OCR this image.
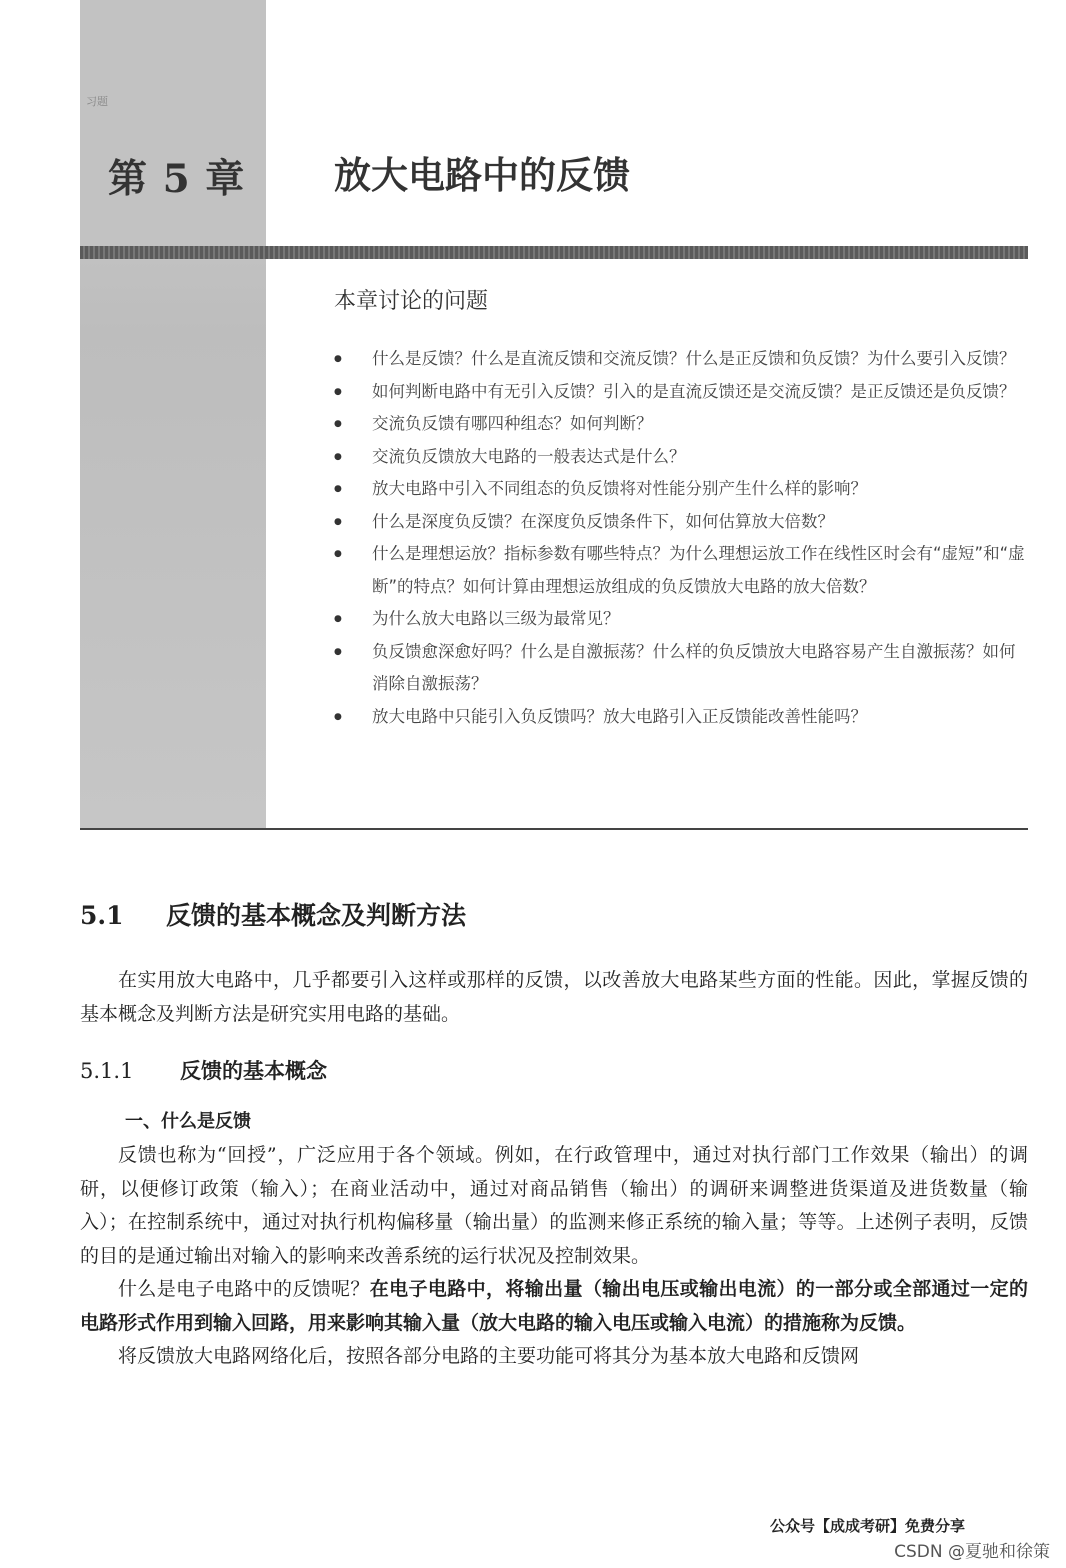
习题
第 5 章 放大电路中的反馈
本章讨论的问题
● 什么是反馈？什么是直流反馈和交流反馈？什么是正反馈和负反馈？为什么要引入反馈？
● 如何判断电路中有无引入反馈？引入的是直流反馈还是交流反馈？是正反馈还是负反馈？
● 交流负反馈有哪四种组态？如何判断？
● 交流负反馈放大电路的一般表达式是什么？
● 放大电路中引入不同组态的负反馈将对性能分别产生什么样的影响？
● 什么是深度负反馈？在深度负反馈条件下，如何估算放大倍数？
● 什么是理想运放？指标参数有哪些特点？为什么理想运放工作在线性区时会有“虚短”和“虚断”的特点？如何计算由理想运放组成的负反馈放大电路的放大倍数？
● 为什么放大电路以三级为最常见？
● 负反馈愈深愈好吗？什么是自激振荡？什么样的负反馈放大电路容易产生自激振荡？如何消除自激振荡？
● 放大电路中只能引入负反馈吗？放大电路引入正反馈能改善性能吗？
5.1 反馈的基本概念及判断方法

在实用放大电路中，几乎都要引入这样或那样的反馈，以改善放大电路某些方面的性能。因此，掌握反馈的基本概念及判断方法是研究实用电路的基础。

5.1.1 反馈的基本概念
一、什么是反馈

反馈也称为“回授”，广泛应用于各个领域。例如，在行政管理中，通过对执行部门工作效果（输出）的调研，以便修订政策（输入）；在商业活动中，通过对商品销售（输出）的调研来调整进货渠道及进货数量（输入）；在控制系统中，通过对执行机构偏移量（输出量）的监测来修正系统的输入量；等等。上述例子表明，反馈的目的是通过输出对输入的影响来改善系统的运行状况及控制效果。

什么是电子电路中的反馈呢？在电子电路中，将输出量（输出电压或输出电流）的一部分或全部通过一定的电路形式作用到输入回路，用来影响其输入量（放大电路的输入电压或输入电流）的措施称为反馈。

将反馈放大电路网络化后，按照各部分电路的主要功能可将其分为基本放大电路和反馈网

公众号【成成考研】免费分享
CSDN @夏驰和徐策
